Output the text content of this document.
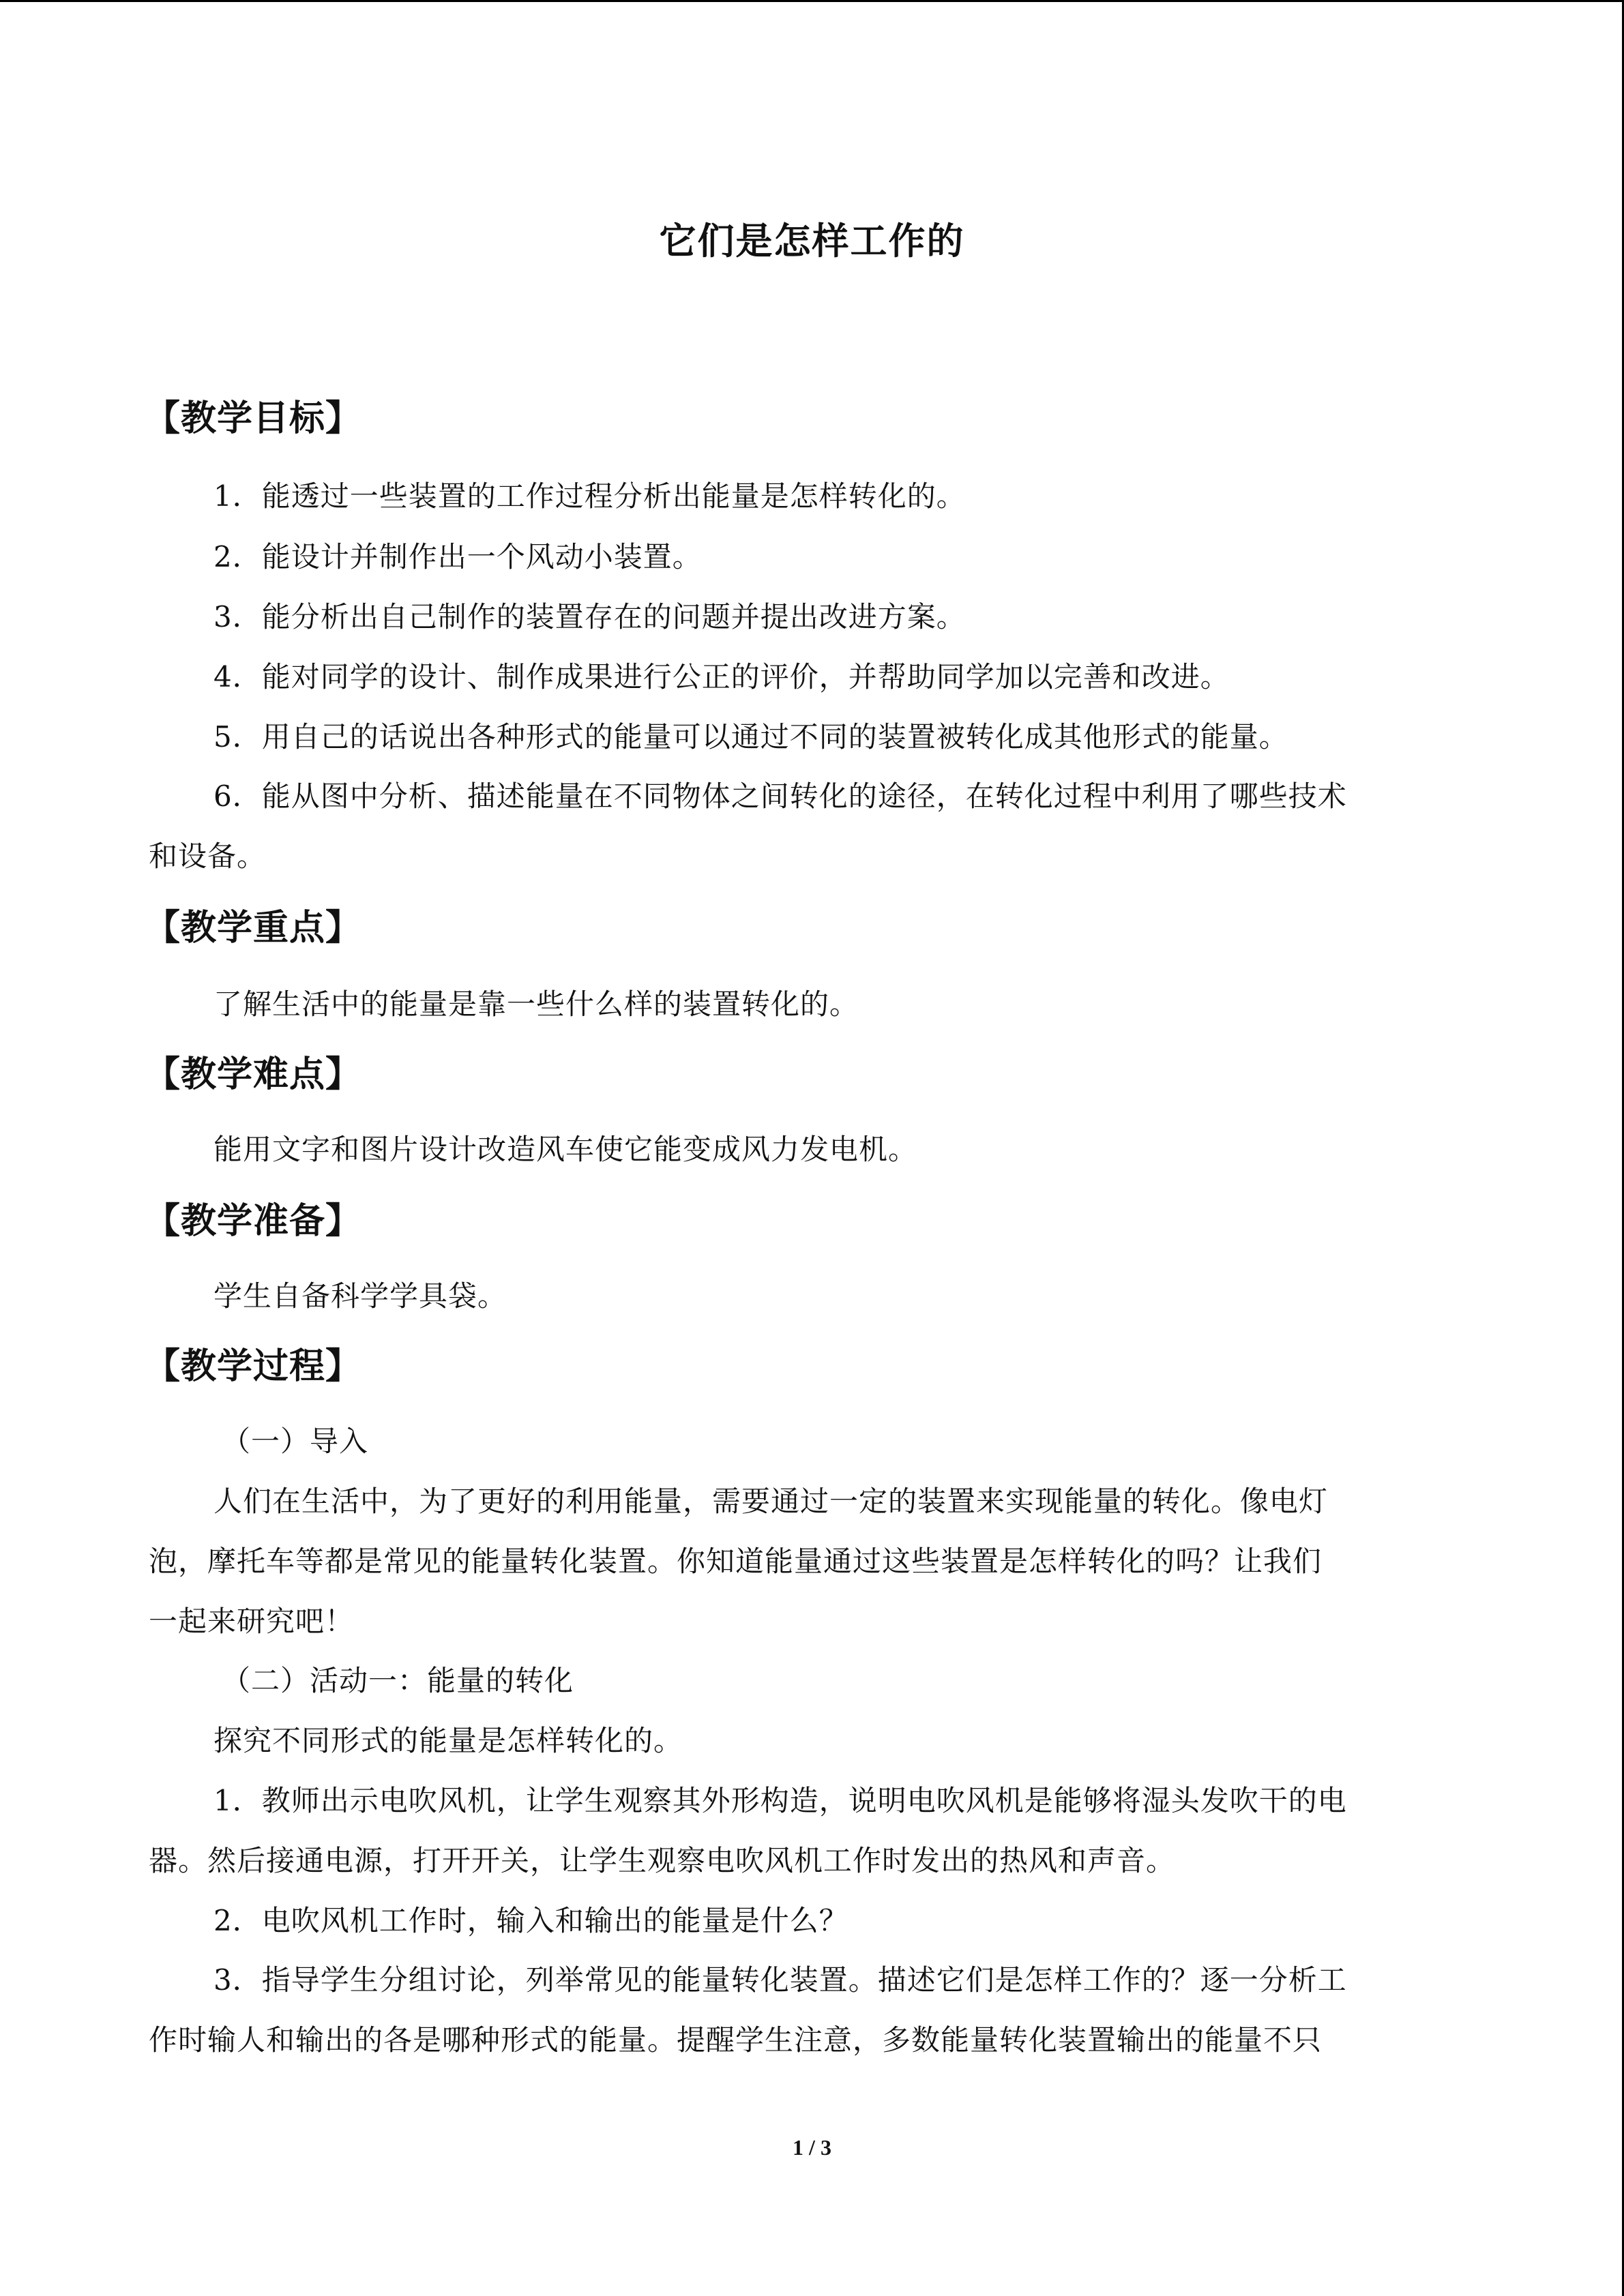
它们是怎样工作的
【教学目标】
1．能透过一些装置的工作过程分析出能量是怎样转化的。
2．能设计并制作出一个风动小装置。
3．能分析出自己制作的装置存在的问题并提出改进方案。
4．能对同学的设计、制作成果进行公正的评价，并帮助同学加以完善和改进。
5．用自己的话说出各种形式的能量可以通过不同的装置被转化成其他形式的能量。
6．能从图中分析、描述能量在不同物体之间转化的途径，在转化过程中利用了哪些技术
和设备。
【教学重点】
了解生活中的能量是靠一些什么样的装置转化的。
【教学难点】
能用文字和图片设计改造风车使它能变成风力发电机。
【教学准备】
学生自备科学学具袋。
【教学过程】
（一）导入
人们在生活中，为了更好的利用能量，需要通过一定的装置来实现能量的转化。像电灯
泡，摩托车等都是常见的能量转化装置。你知道能量通过这些装置是怎样转化的吗？让我们
一起来研究吧！
（二）活动一：能量的转化
探究不同形式的能量是怎样转化的。
1．教师出示电吹风机，让学生观察其外形构造，说明电吹风机是能够将湿头发吹干的电
器。然后接通电源，打开开关，让学生观察电吹风机工作时发出的热风和声音。
2．电吹风机工作时，输入和输出的能量是什么？
3．指导学生分组讨论，列举常见的能量转化装置。描述它们是怎样工作的？逐一分析工
作时输人和输出的各是哪种形式的能量。提醒学生注意，多数能量转化装置输出的能量不只
1 / 3
